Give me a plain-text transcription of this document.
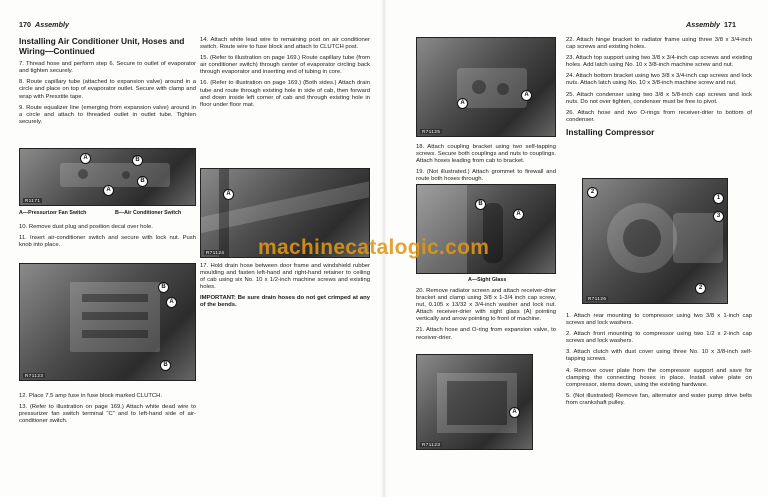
170 Assembly
Installing Air Conditioner Unit, Hoses and Wiring—Continued

7. Thread hose and perform step 6. Secure to outlet of evaporator and tighten securely.

8. Route capillary tube (attached to expansion valve) around in a circle and place on top of evaporator outlet. Secure with clamp and wrap with Presstite tape.

9. Route equalizer line (emerging from expansion valve) around in a circle and attach to threaded outlet in outlet tube. Tighten securely.

A	B
B
A
R1171
A—Pressurizer Fan Switch	B—Air Conditioner Switch

10. Remove dust plug and position decal over hole.

11. Insert air-conditioner switch and secure with lock nut. Push knob into place.

B
A
B
R71123

12. Place 7.5 amp fuse in fuse block marked CLUTCH.

13. (Refer to illustration on page 169.) Attach white dead wire to pressurizer fan switch terminal “C” and to left-hand side of air-conditioner switch.

14. Attach white lead wire to remaining post on air conditioner switch. Route wire to fuse block and attach to CLUTCH post.

15. (Refer to illustration on page 169.) Route capillary tube (from air conditioner switch) through center of evaporator circling back through evaporator and inserting end of tubing in core.

16. (Refer to illustration on page 169.) (Both sides.) Attach drain tube and route through existing hole in side of cab, then forward and down inside left corner of cab and through existing hole in floor under floor mat.

A
R71124

17. Hold drain hose between door frame and windshield rubber moulding and fasten left-hand and right-hand retainer to ceiling of cab using six No. 10 x 1/2-inch machine screws and existing holes.

IMPORTANT: Be sure drain hoses do not get crimped at any of the bends.

Assembly 171
A
A
R71125

18. Attach coupling bracket using two self-tapping screws. Secure both couplings and nuts to couplings. Attach hoses leading from cab to bracket.

19. (Not illustrated.) Attach grommet to firewall and route both hoses through.

B
A
A—Sight Glass

20. Remove radiator screen and attach receiver-drier bracket and clamp using 3/8 x 1-3/4 inch cap screw, nut, 0.105 x 13/32 x 3/4-inch washer and lock nut. Attach receiver-drier with sight glass (A) pointing vertically and arrow pointing to front of machine.

21. Attach hose and O-ring from expansion valve, to receiver-drier.

A
R71123

22. Attach hinge bracket to radiator frame using three 3/8 x 3/4-inch cap screws and existing holes.

23. Attach top support using two 3/8 x 3/4-inch cap screws and existing holes. Add latch using No. 10 x 3/8-inch machine screw and nut.

24. Attach bottom bracket using two 3/8 x 3/4-inch cap screws and lock nuts. Attach latch using No. 10 x 3/8-inch machine screw and nut.

25. Attach condenser using two 3/8 x 5/8-inch cap screws and lock nuts. Do not over tighten, condenser must be free to pivot.

26. Attach hose and two O-rings from receiver-drier to bottom of condenser.

Installing Compressor
2
1
3
2
R71126

1. Attach rear mounting to compressor using two 3/8 x 1-inch cap screws and lock washers.

2. Attach front mounting to compressor using two 1/2 x 2-inch cap screws and lock washers.

3. Attach clutch with dust cover using three No. 10 x 3/8-inch self-tapping screws.

4. Remove cover plate from the compressor support and save for clamping the connecting hoses in place. Install valve plate on compressor, stems down, using the existing hardware.

5. (Not illustrated) Remove fan, alternator and water pump drive belts from crankshaft pulley.

machinecatalogic.com
